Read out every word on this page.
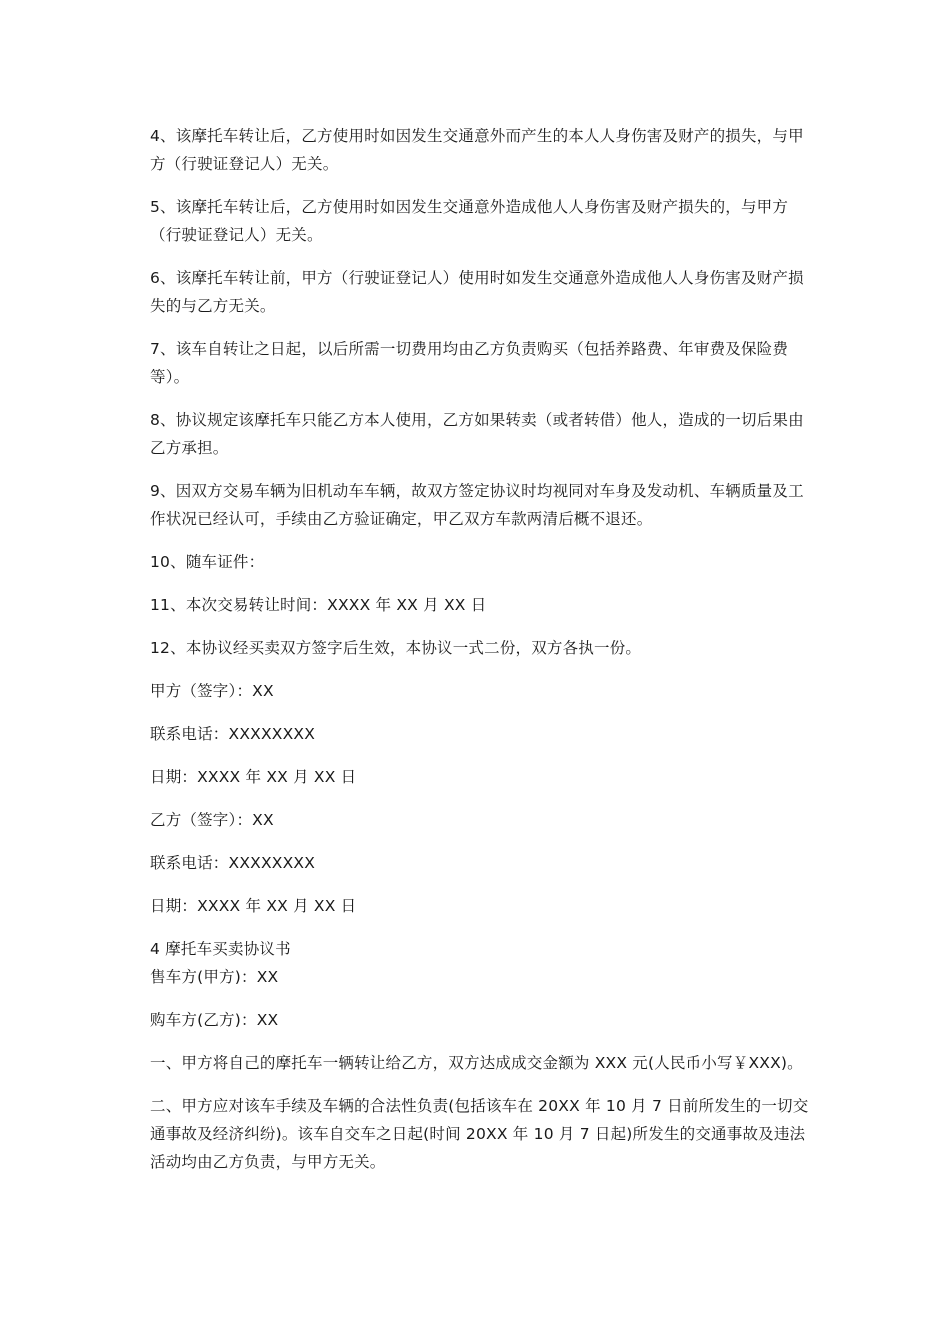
4、该摩托车转让后，乙方使用时如因发生交通意外而产生的本人人身伤害及财产的损失，与甲方（行驶证登记人）无关。

5、该摩托车转让后，乙方使用时如因发生交通意外造成他人人身伤害及财产损失的，与甲方（行驶证登记人）无关。

6、该摩托车转让前，甲方（行驶证登记人）使用时如发生交通意外造成他人人身伤害及财产损失的与乙方无关。

7、该车自转让之日起，以后所需一切费用均由乙方负责购买（包括养路费、年审费及保险费等）。

8、协议规定该摩托车只能乙方本人使用，乙方如果转卖（或者转借）他人，造成的一切后果由乙方承担。

9、因双方交易车辆为旧机动车车辆，故双方签定协议时均视同对车身及发动机、车辆质量及工作状况已经认可，手续由乙方验证确定，甲乙双方车款两清后概不退还。

10、随车证件：

11、本次交易转让时间：XXXX 年 XX 月 XX 日

12、本协议经买卖双方签字后生效，本协议一式二份，双方各执一份。

甲方（签字）：XX

联系电话：XXXXXXXX

日期：XXXX 年 XX 月 XX 日

乙方（签字）：XX

联系电话：XXXXXXXX

日期：XXXX 年 XX 月 XX 日

4 摩托车买卖协议书

售车方(甲方)：XX

购车方(乙方)：XX

一、甲方将自己的摩托车一辆转让给乙方，双方达成成交金额为 XXX 元(人民币小写￥XXX)。

二、甲方应对该车手续及车辆的合法性负责(包括该车在 20XX 年 10 月 7 日前所发生的一切交通事故及经济纠纷)。该车自交车之日起(时间 20XX 年 10 月 7 日起)所发生的交通事故及违法活动均由乙方负责，与甲方无关。
